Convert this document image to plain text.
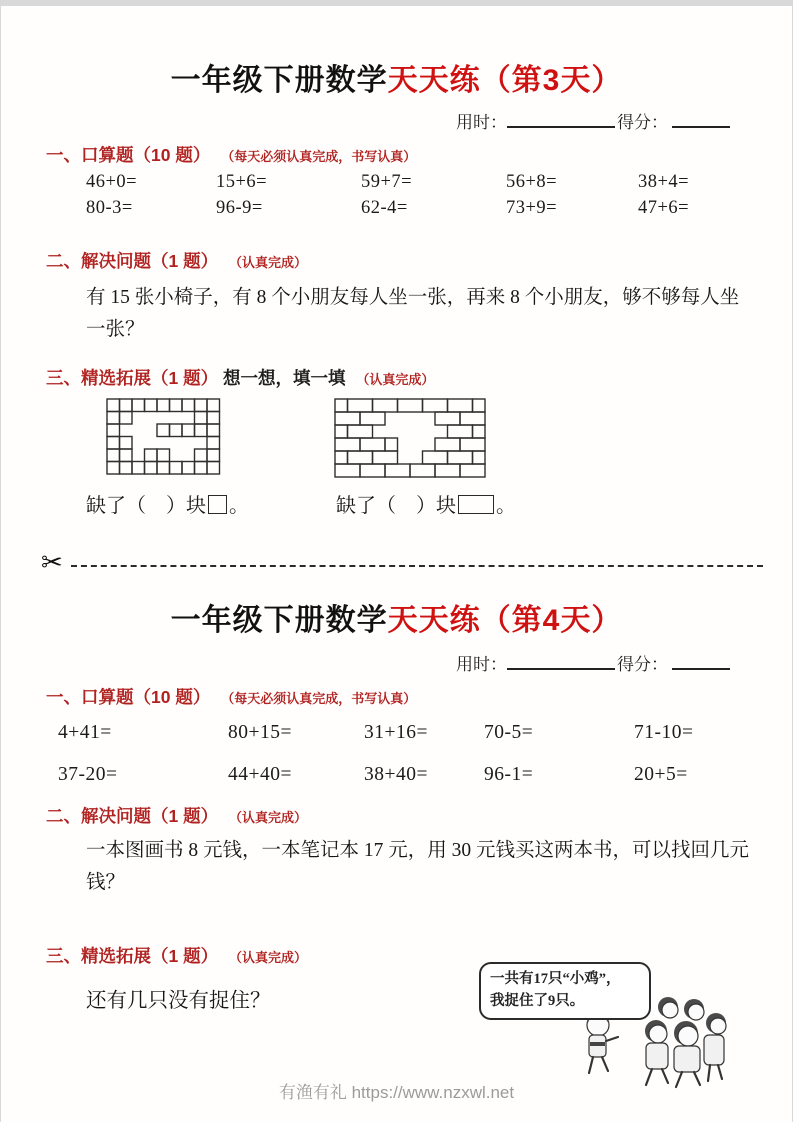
一年级下册数学天天练（第3天）
用时：	得分：
一、口算题（10 题） （每天必须认真完成，书写认真）
46+0=	15+6=	59+7=	56+8=	38+4=
80-3=	96-9=	62-4=	73+9=	47+6=
二、解决问题（1 题） （认真完成）
有 15 张小椅子，有 8 个小朋友每人坐一张，再来 8 个小朋友，够不够每人坐一张？
三、精选拓展（1 题） 想一想，填一填 （认真完成）
缺了（　）块 。	缺了（　）块 。
✂
一年级下册数学天天练（第4天）
用时：	得分：
一、口算题（10 题） （每天必须认真完成，书写认真）
4+41=	80+15=	31+16=	70-5=	71-10=
37-20=	44+40=	38+40=	96-1=	20+5=
二、解决问题（1 题） （认真完成）
一本图画书 8 元钱，一本笔记本 17 元，用 30 元钱买这两本书，可以找回几元钱？
三、精选拓展（1 题） （认真完成）
还有几只没有捉住？
一共有17只“小鸡”，
我捉住了9只。
有渔有礼 https://www.nzxwl.net
